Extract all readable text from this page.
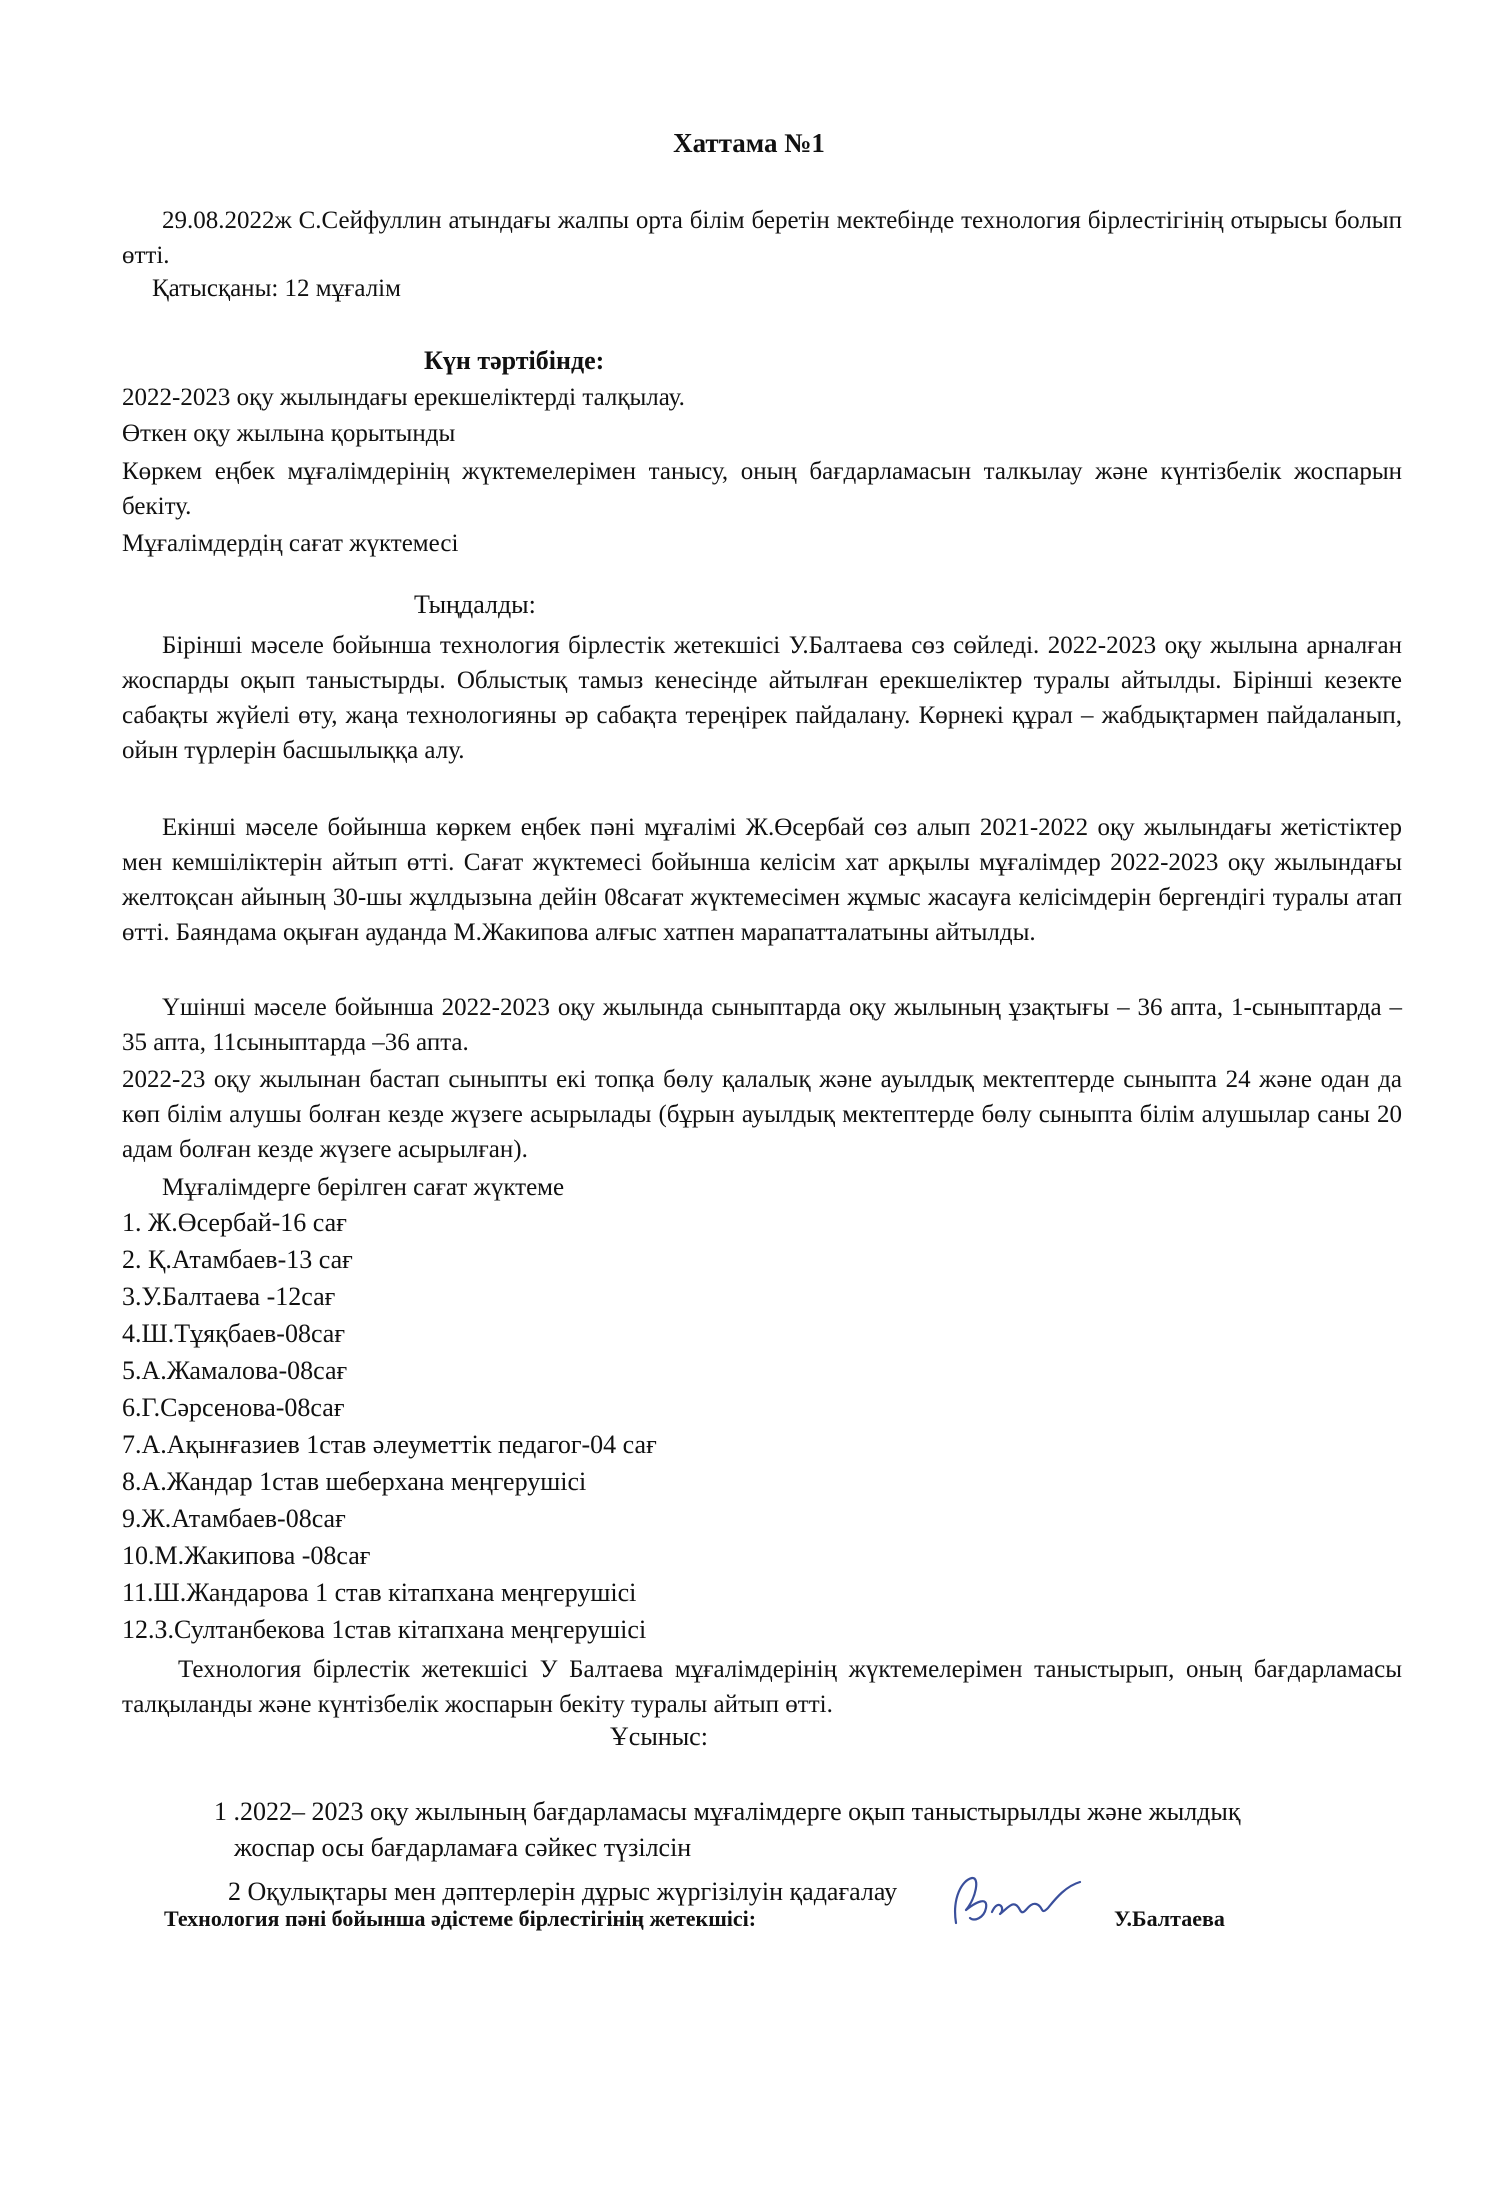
Хаттама №1
29.08.2022ж С.Сейфуллин атындағы жалпы орта білім беретін мектебінде технология бірлестігінің отырысы болып өтті.
Қатысқаны: 12 мұғалім
Күн тәртібінде:
2022-2023 оқу жылындағы ерекшеліктерді талқылау.
Өткен оқу жылына қорытынды
Көркем еңбек мұғалімдерінің жүктемелерімен танысу, оның бағдарламасын талкылау және күнтізбелік жоспарын бекіту.
Мұғалімдердің сағат жүктемесі
Тыңдалды:
Бірінші мәселе бойынша технология бірлестік жетекшісі У.Балтаева сөз сөйледі. 2022-2023 оқу жылына арналған жоспарды оқып таныстырды. Облыстық тамыз кенесінде айтылған ерекшеліктер туралы айтылды. Бірінші кезекте сабақты жүйелі өту, жаңа технологияны әр сабақта тереңірек пайдалану. Көрнекі құрал – жабдықтармен пайдаланып, ойын түрлерін басшылыққа алу.
Екінші мәселе бойынша көркем еңбек пәні мұғалімі Ж.Өсербай сөз алып 2021-2022 оқу жылындағы жетістіктер мен кемшіліктерін айтып өтті. Сағат жүктемесі бойынша келісім хат арқылы мұғалімдер 2022-2023 оқу жылындағы желтоқсан айының 30-шы жұлдызына дейін 08сағат жүктемесімен жұмыс жасауға келісімдерін бергендігі туралы атап өтті. Баяндама оқыған ауданда М.Жакипова алғыс хатпен марапатталатыны айтылды.
Үшінші мәселе бойынша 2022-2023 оқу жылында сыныптарда оқу жылының ұзақтығы – 36 апта, 1-сыныптарда – 35 апта, 11сыныптарда –36 апта.
2022-23 оқу жылынан бастап сыныпты екі топқа бөлу қалалық және ауылдық мектептерде сыныпта 24 және одан да көп білім алушы болған кезде жүзеге асырылады (бұрын ауылдық мектептерде бөлу сыныпта білім алушылар саны 20 адам болған кезде жүзеге асырылған).
Мұғалімдерге берілген сағат жүктеме
1. Ж.Өсербай-16 сағ
2. Қ.Атамбаев-13 сағ
3.У.Балтаева -12сағ
4.Ш.Тұяқбаев-08сағ
5.А.Жамалова-08сағ
6.Г.Сәрсенова-08сағ
7.А.Ақынғазиев 1став әлеуметтік педагог-04 сағ
8.А.Жандар 1став шеберхана меңгерушісі
9.Ж.Атамбаев-08сағ
10.М.Жакипова -08сағ
11.Ш.Жандарова 1 став кітапхана меңгерушісі
12.З.Султанбекова 1став кітапхана меңгерушісі
Технология бірлестік жетекшісі У Балтаева мұғалімдерінің жүктемелерімен таныстырып, оның бағдарламасы талқыланды және күнтізбелік жоспарын бекіту туралы айтып өтті.
Ұсыныс:
1 .2022– 2023 оқу жылының бағдарламасы мұғалімдерге оқып таныстырылды және жылдық
жоспар осы бағдарламаға сәйкес түзілсін
2 Оқулықтары мен дәптерлерін дұрыс жүргізілуін қадағалау
Технология пәні бойынша әдістеме бірлестігінің жетекшісі:	У.Балтаева
